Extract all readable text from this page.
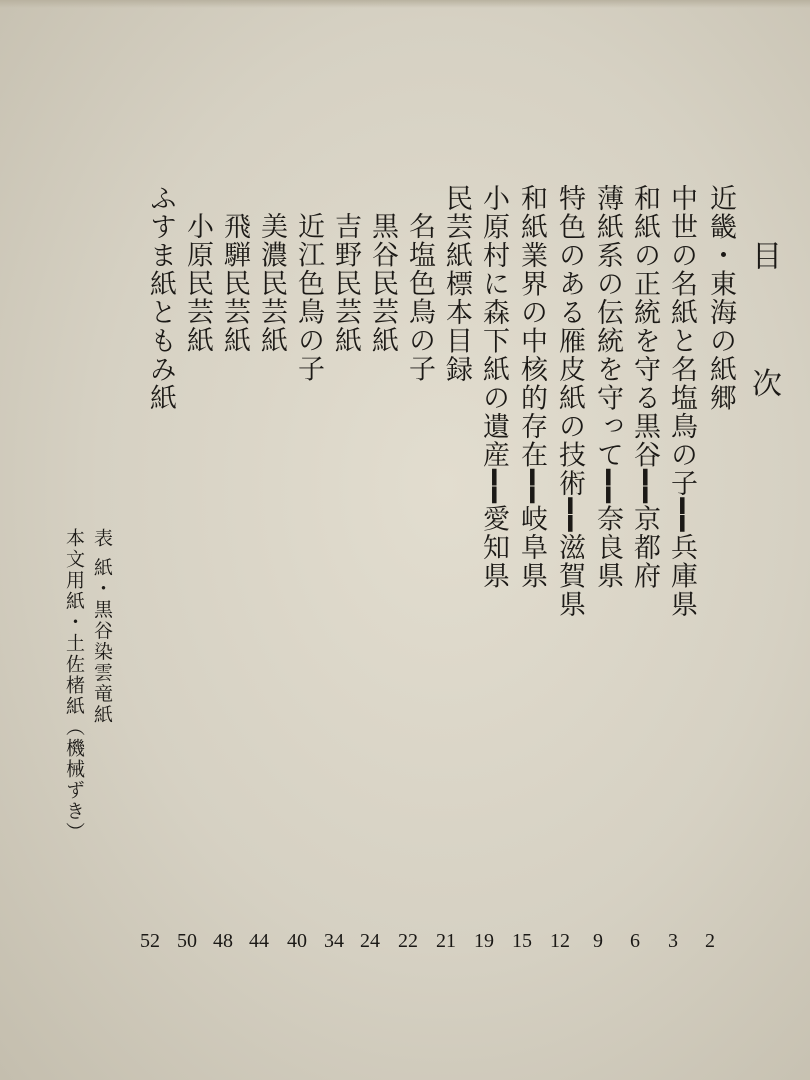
目 次
近畿・東海の紙郷
中世の名紙と名塩鳥の子━━兵庫県
和紙の正統を守る黒谷━━京都府
薄紙系の伝統を守って━━奈良県
特色のある雁皮紙の技術━━滋賀県
和紙業界の中核的存在━━岐阜県
小原村に森下紙の遺産━━愛知県
民芸紙標本目録
名塩色鳥の子
黒谷民芸紙
吉野民芸紙
近江色鳥の子
美濃民芸紙
飛騨民芸紙
小原民芸紙
ふすま紙ともみ紙
表 紙・黒谷染雲竜紙
本文用紙・土佐楮紙（機械ずき）
2
3
6
9
12
15
19
21
22
24
34
40
44
48
50
52
